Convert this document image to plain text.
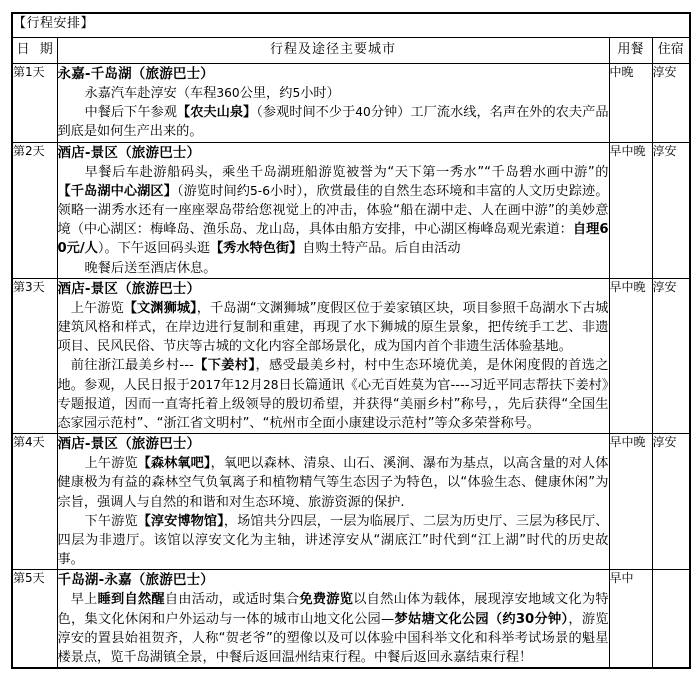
【行程安排】			
日 期	行程及途径主要城市	用餐	住宿
第1天	永嘉-千岛湖（旅游巴士）

永嘉汽车赴淳安（车程360公里，约5小时）

中餐后下午参观【农夫山泉】（参观时间不少于40分钟）工厂流水线，名声在外的农夫产品到底是如何生产出来的。	中晚	淳安
第2天	酒店-景区（旅游巴士）

早餐后车赴游船码头，乘坐千岛湖班船游览被誉为“天下第一秀水”“千岛碧水画中游”的【千岛湖中心湖区】（游览时间约5-6小时），欣赏最佳的自然生态环境和丰富的人文历史踪迹。领略一湖秀水还有一座座翠岛带给您视觉上的冲击，体验“船在湖中走、人在画中游”的美妙意境（中心湖区：梅峰岛、渔乐岛、龙山岛，具体由船方安排，中心湖区梅峰岛观光索道：自理60元/人）。下午返回码头逛【秀水特色街】自购土特产品。后自由活动

晚餐后送至酒店休息。	早中晚	淳安
第3天	酒店-景区（旅游巴士）

上午游览【文渊狮城】，千岛湖“文渊狮城”度假区位于姜家镇区块，项目参照千岛湖水下古城建筑风格和样式，在岸边进行复制和重建，再现了水下狮城的原生景象，把传统手工艺、非遗项目、民风民俗、节庆等古城的文化内容全部场景化，成为国内首个非遗生活体验基地。

前往浙江最美乡村---【下姜村】，感受最美乡村，村中生态环境优美，是休闲度假的首选之地。参观，人民日报于2017年12月28日长篇通讯《心无百姓莫为官----习近平同志帮扶下姜村》专题报道，因而一直寄托着上级领导的殷切希望，并获得“美丽乡村”称号，，先后获得“全国生态家园示范村”、“浙江省文明村”、“杭州市全面小康建设示范村”等众多荣誉称号。	早中晚	淳安
第4天	酒店-景区（旅游巴士）

上午游览【森林氧吧】，氧吧以森林、清泉、山石、溪涧、瀑布为基点，以高含量的对人体健康极为有益的森林空气负氧离子和植物精气等生态因子为特色，以“体验生态、健康休闲”为宗旨，强调人与自然的和谐和对生态环境、旅游资源的保护.

下午游览【淳安博物馆】，场馆共分四层，一层为临展厅、二层为历史厅、三层为移民厅、四层为非遗厅。该馆以淳安文化为主轴，讲述淳安从“湖底江”时代到“江上湖”时代的历史故事。	早中晚	淳安
第5天	千岛湖-永嘉（旅游巴士）

早上睡到自然醒自由活动，或适时集合免费游览以自然山体为载体，展现淳安地域文化为特色，集文化休闲和户外运动与一体的城市山地文化公园—梦姑塘文化公园（约30分钟），游览淳安的置县始祖贺齐，人称“贺老爷”的塑像以及可以体验中国科举文化和科举考试场景的魁星楼景点，览千岛湖镇全景，中餐后返回温州结束行程。中餐后返回永嘉结束行程！	早中	
